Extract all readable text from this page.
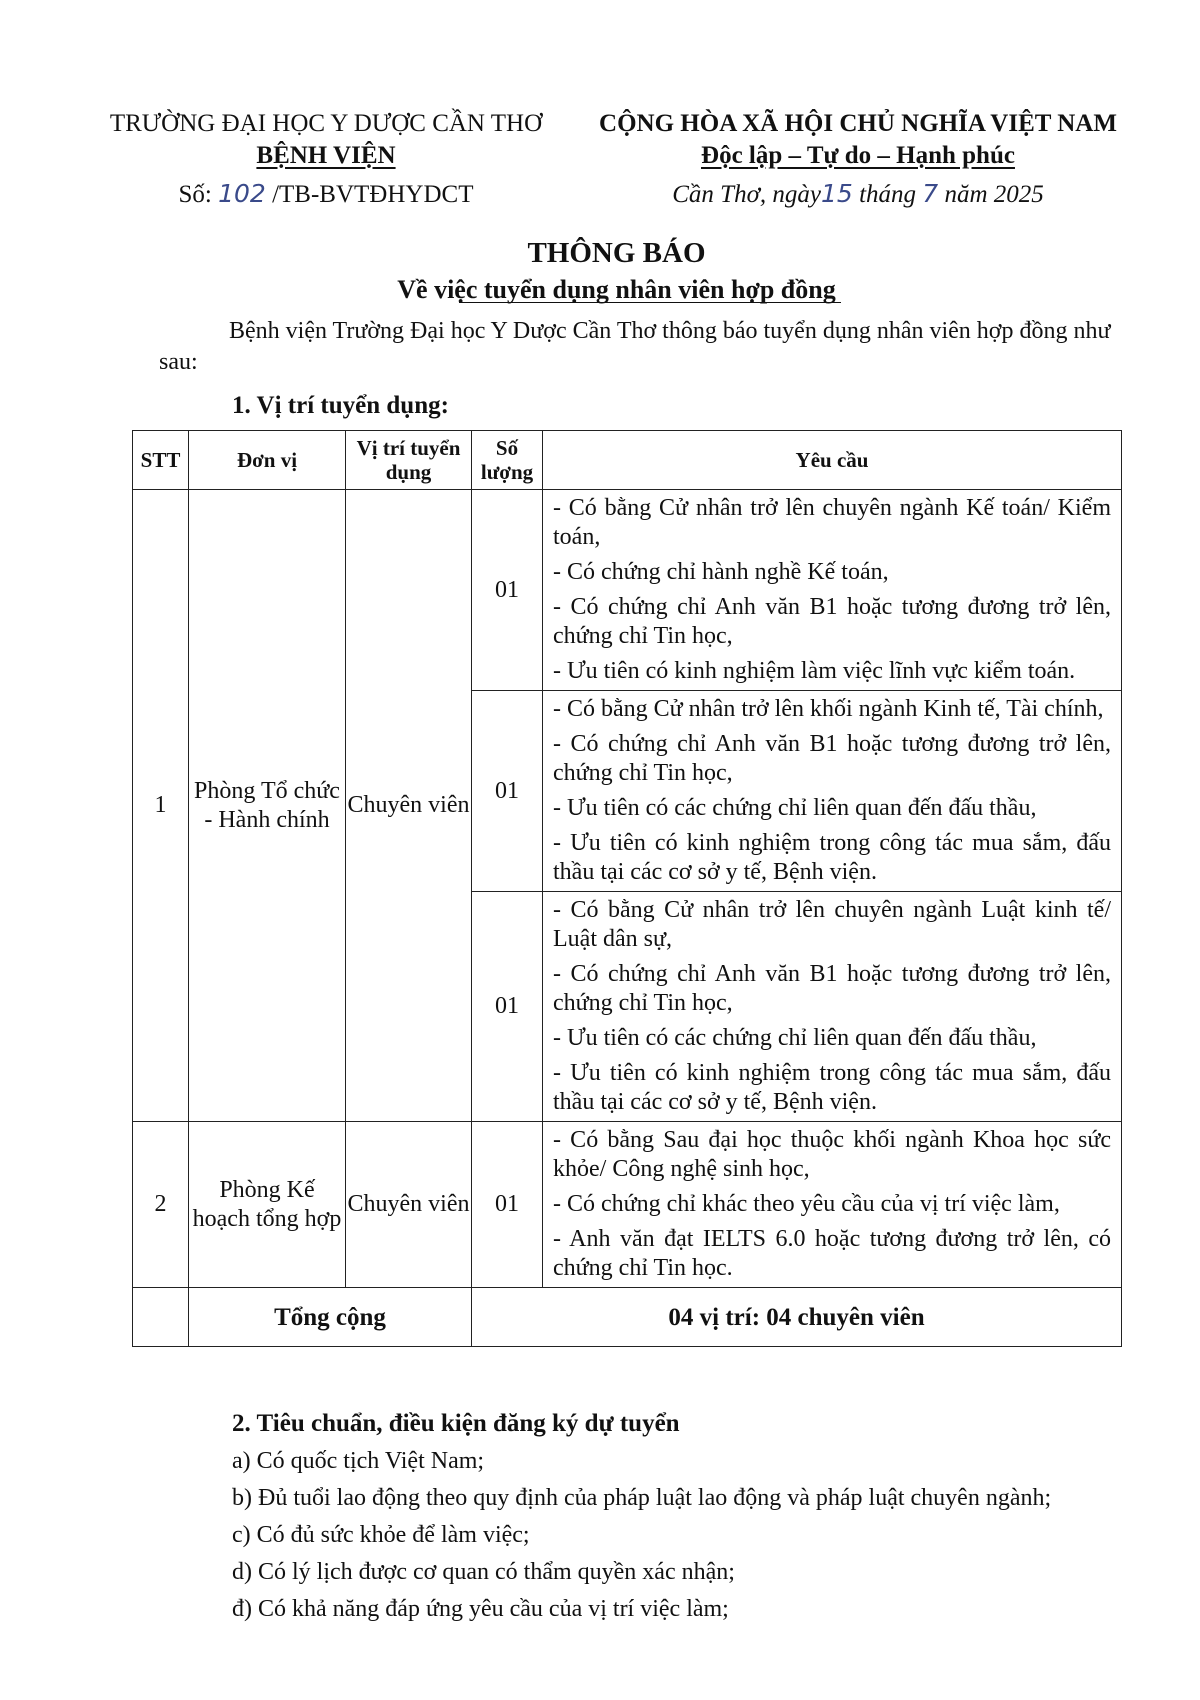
TRƯỜNG ĐẠI HỌC Y DƯỢC CẦN THƠ
BỆNH VIỆN
Số: 102 /TB-BVTĐHYDCT
CỘNG HÒA XÃ HỘI CHỦ NGHĨA VIỆT NAM
Độc lập – Tự do – Hạnh phúc
Cần Thơ, ngày15 tháng 7 năm 2025
THÔNG BÁO
Về việc tuyển dụng nhân viên hợp đồng
Bệnh viện Trường Đại học Y Dược Cần Thơ thông báo tuyển dụng nhân viên hợp đồng như sau:
1. Vị trí tuyển dụng:
STT	Đơn vị	Vị trí tuyển dụng	Số lượng	Yêu cầu
1	Phòng Tổ chức - Hành chính	Chuyên viên	01	- Có bằng Cử nhân trở lên chuyên ngành Kế toán/ Kiểm toán,
- Có chứng chỉ hành nghề Kế toán,
- Có chứng chỉ Anh văn B1 hoặc tương đương trở lên, chứng chỉ Tin học,
- Ưu tiên có kinh nghiệm làm việc lĩnh vực kiểm toán.

			01	- Có bằng Cử nhân trở lên khối ngành Kinh tế, Tài chính,
- Có chứng chỉ Anh văn B1 hoặc tương đương trở lên, chứng chỉ Tin học,
- Ưu tiên có các chứng chỉ liên quan đến đấu thầu,
- Ưu tiên có kinh nghiệm trong công tác mua sắm, đấu thầu tại các cơ sở y tế, Bệnh viện.

			01	- Có bằng Cử nhân trở lên chuyên ngành Luật kinh tế/ Luật dân sự,
- Có chứng chỉ Anh văn B1 hoặc tương đương trở lên, chứng chỉ Tin học,
- Ưu tiên có các chứng chỉ liên quan đến đấu thầu,
- Ưu tiên có kinh nghiệm trong công tác mua sắm, đấu thầu tại các cơ sở y tế, Bệnh viện.

2	Phòng Kế hoạch tổng hợp	Chuyên viên	01	- Có bằng Sau đại học thuộc khối ngành Khoa học sức khỏe/ Công nghệ sinh học,
- Có chứng chỉ khác theo yêu cầu của vị trí việc làm,
- Anh văn đạt IELTS 6.0 hoặc tương đương trở lên, có chứng chỉ Tin học.

	Tổng cộng		04 vị trí: 04 chuyên viên	
2. Tiêu chuẩn, điều kiện đăng ký dự tuyển
a) Có quốc tịch Việt Nam;
b) Đủ tuổi lao động theo quy định của pháp luật lao động và pháp luật chuyên ngành;
c) Có đủ sức khỏe để làm việc;
d) Có lý lịch được cơ quan có thẩm quyền xác nhận;
đ) Có khả năng đáp ứng yêu cầu của vị trí việc làm;
